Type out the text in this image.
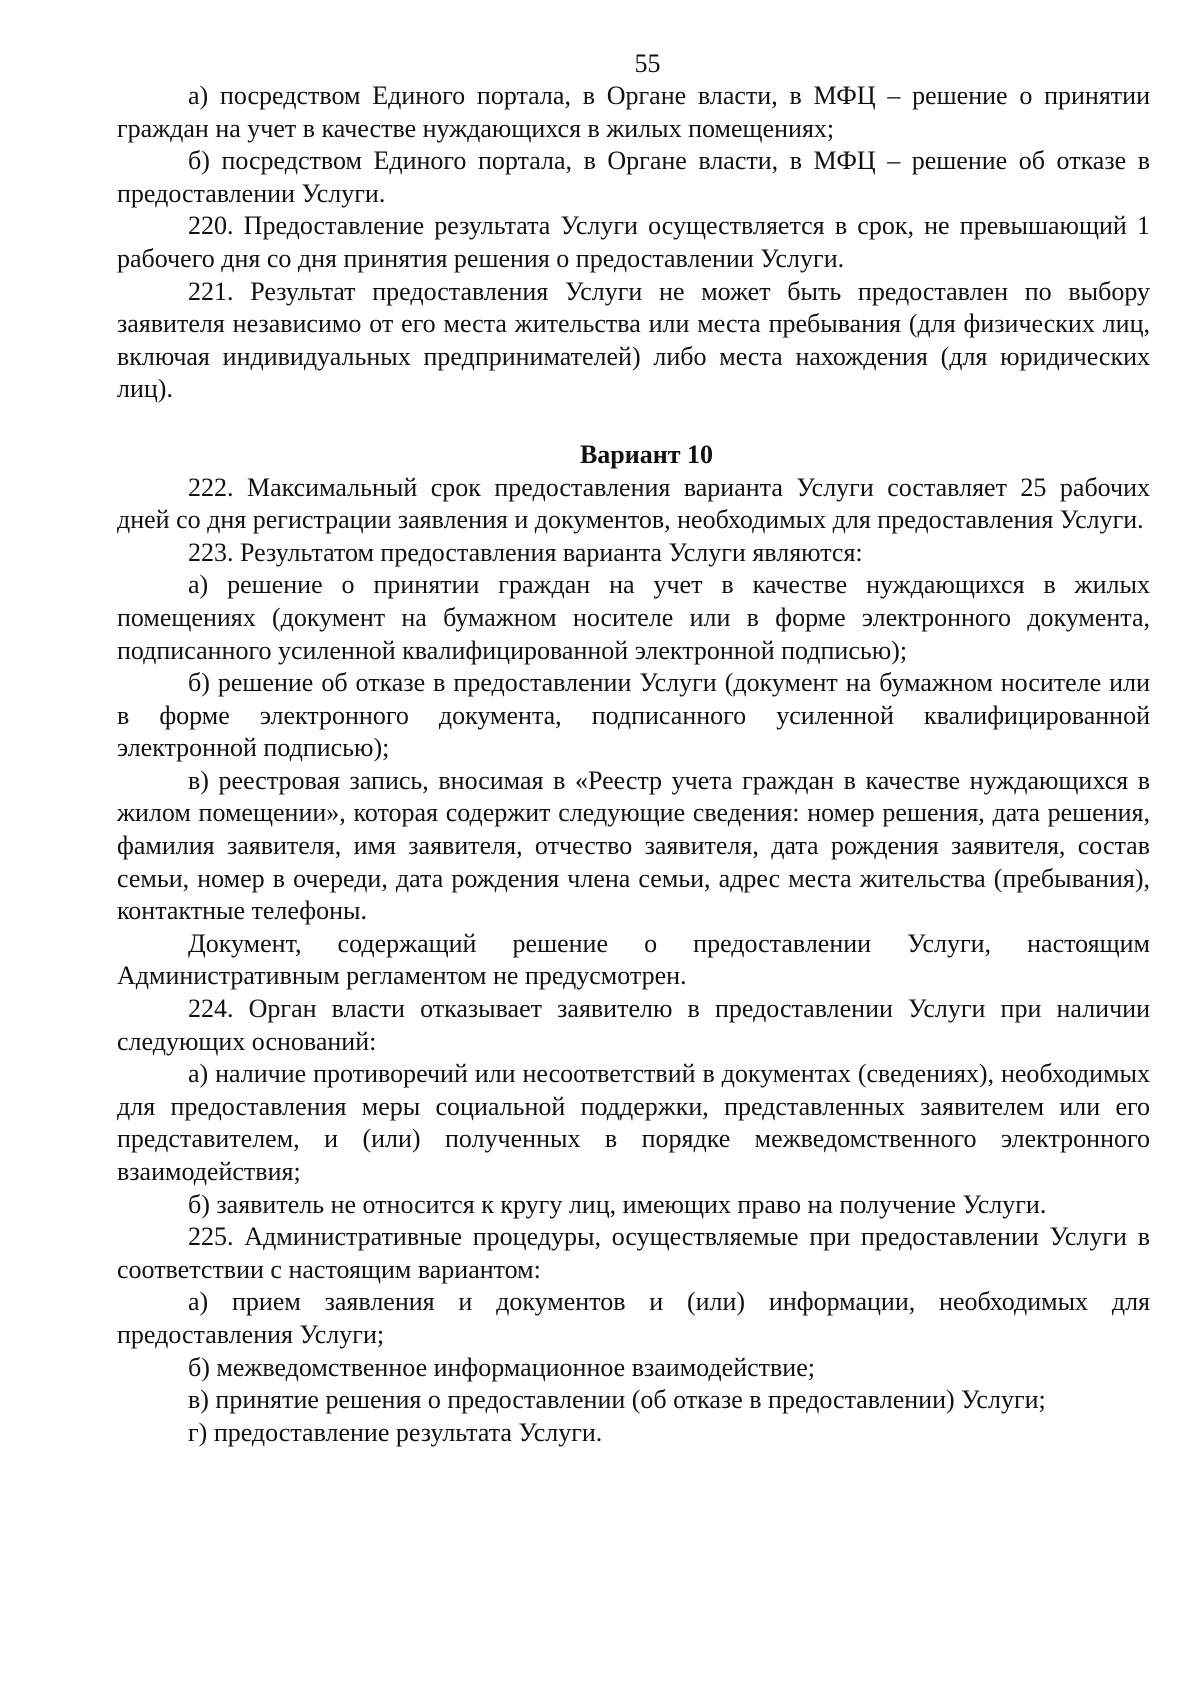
55

а) посредством Единого портала, в Органе власти, в МФЦ – решение о принятии граждан на учет в качестве нуждающихся в жилых помещениях;

б) посредством Единого портала, в Органе власти, в МФЦ – решение об отказе в предоставлении Услуги.

220. Предоставление результата Услуги осуществляется в срок, не превышающий 1 рабочего дня со дня принятия решения о предоставлении Услуги.

221. Результат предоставления Услуги не может быть предоставлен по выбору заявителя независимо от его места жительства или места пребывания (для физических лиц, включая индивидуальных предпринимателей) либо места нахождения (для юридических лиц).

Вариант 10

222. Максимальный срок предоставления варианта Услуги составляет 25 рабочих дней со дня регистрации заявления и документов, необходимых для предоставления Услуги.

223. Результатом предоставления варианта Услуги являются:

а) решение о принятии граждан на учет в качестве нуждающихся в жилых помещениях (документ на бумажном носителе или в форме электронного документа, подписанного усиленной квалифицированной электронной подписью);

б) решение об отказе в предоставлении Услуги (документ на бумажном носителе или в форме электронного документа, подписанного усиленной квалифицированной электронной подписью);

в) реестровая запись, вносимая в «Реестр учета граждан в качестве нуждающихся в жилом помещении», которая содержит следующие сведения: номер решения, дата решения, фамилия заявителя, имя заявителя, отчество заявителя, дата рождения заявителя, состав семьи, номер в очереди, дата рождения члена семьи, адрес места жительства (пребывания), контактные телефоны.

Документ, содержащий решение о предоставлении Услуги, настоящим Административным регламентом не предусмотрен.

224. Орган власти отказывает заявителю в предоставлении Услуги при наличии следующих оснований:

а) наличие противоречий или несоответствий в документах (сведениях), необходимых для предоставления меры социальной поддержки, представленных заявителем или его представителем, и (или) полученных в порядке межведомственного электронного взаимодействия;

б) заявитель не относится к кругу лиц, имеющих право на получение Услуги.

225. Административные процедуры, осуществляемые при предоставлении Услуги в соответствии с настоящим вариантом:

а) прием заявления и документов и (или) информации, необходимых для предоставления Услуги;

б) межведомственное информационное взаимодействие;

в) принятие решения о предоставлении (об отказе в предоставлении) Услуги;

г) предоставление результата Услуги.
